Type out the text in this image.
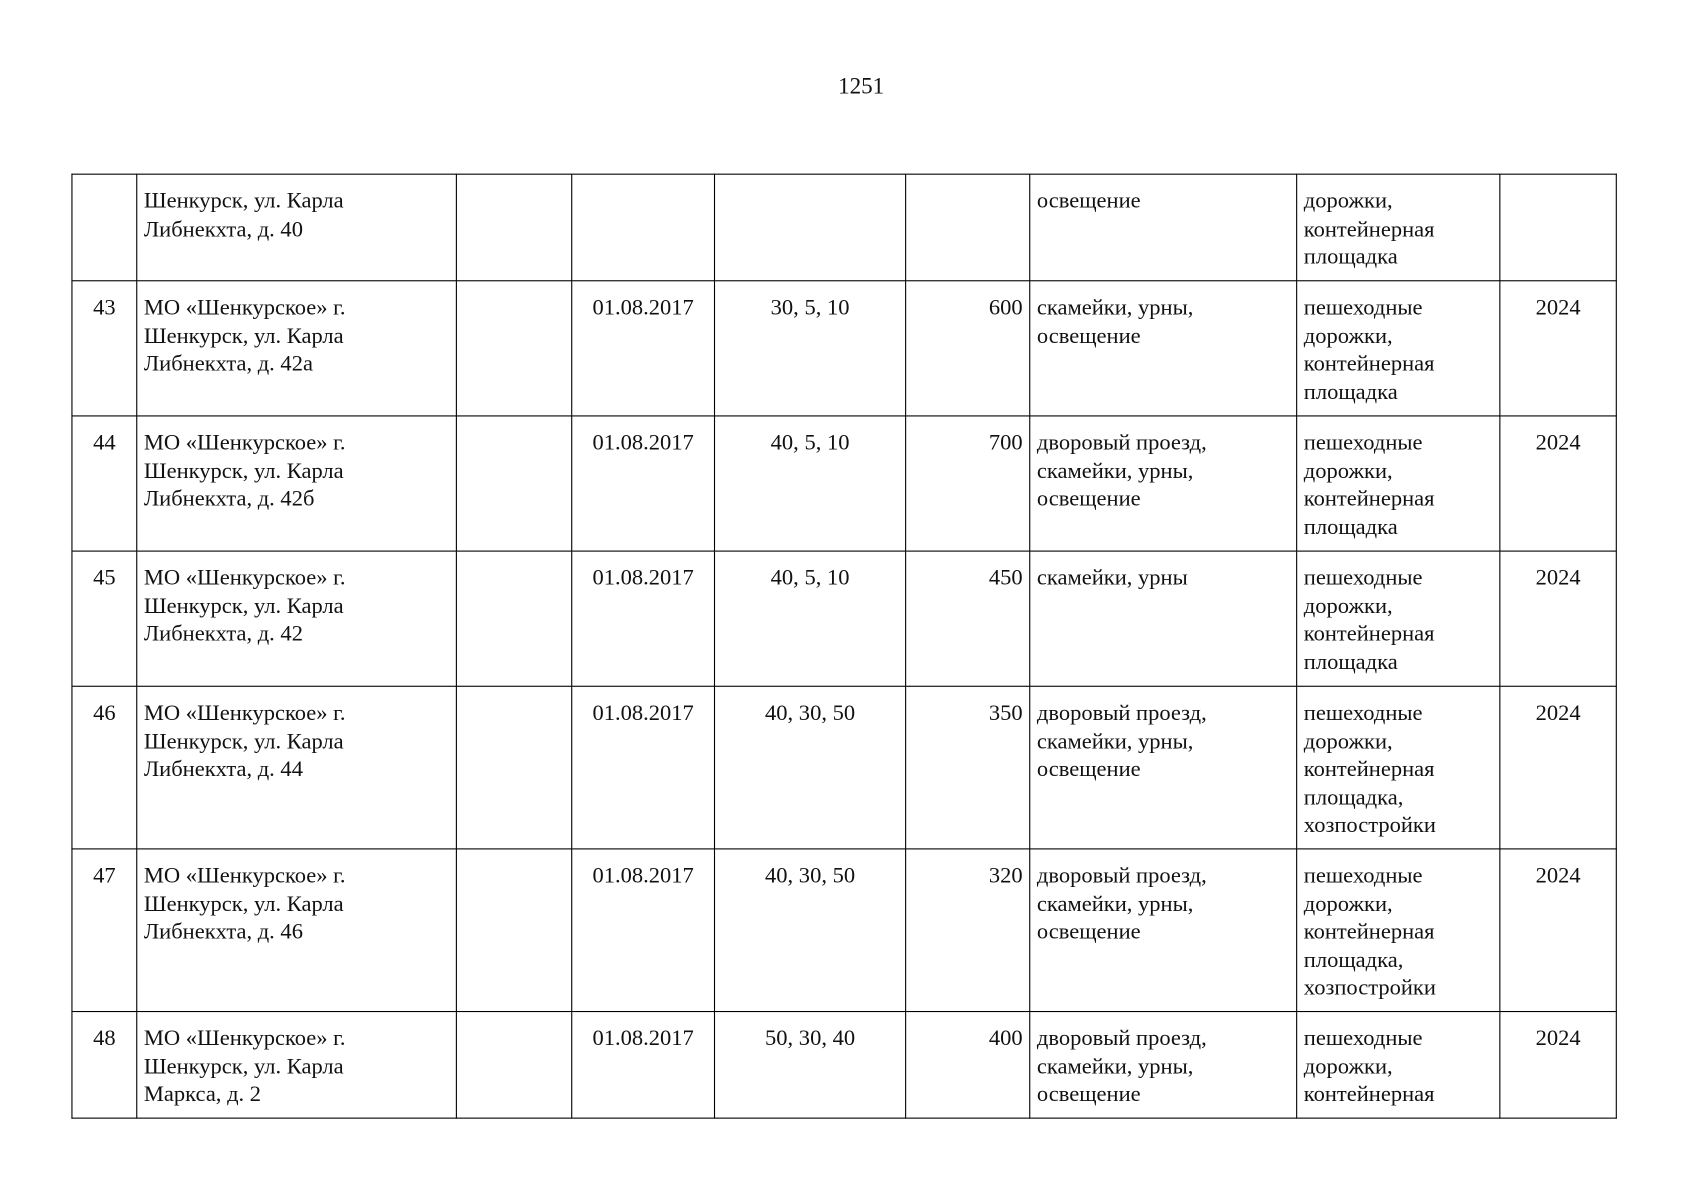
1251
	Шенкурск, ул. Карла
Либнекхта, д. 40					освещение	дорожки,
контейнерная
площадка	
43	МО «Шенкурское» г.
Шенкурск, ул. Карла
Либнекхта, д. 42а		01.08.2017	30, 5, 10	600	скамейки, урны,
освещение	пешеходные
дорожки,
контейнерная
площадка	2024
44	МО «Шенкурское» г.
Шенкурск, ул. Карла
Либнекхта, д. 42б		01.08.2017	40, 5, 10	700	дворовый проезд,
скамейки, урны,
освещение	пешеходные
дорожки,
контейнерная
площадка	2024
45	МО «Шенкурское» г.
Шенкурск, ул. Карла
Либнекхта, д. 42		01.08.2017	40, 5, 10	450	скамейки, урны	пешеходные
дорожки,
контейнерная
площадка	2024
46	МО «Шенкурское» г.
Шенкурск, ул. Карла
Либнекхта, д. 44		01.08.2017	40, 30, 50	350	дворовый проезд,
скамейки, урны,
освещение	пешеходные
дорожки,
контейнерная
площадка,
хозпостройки	2024
47	МО «Шенкурское» г.
Шенкурск, ул. Карла
Либнекхта, д. 46		01.08.2017	40, 30, 50	320	дворовый проезд,
скамейки, урны,
освещение	пешеходные
дорожки,
контейнерная
площадка,
хозпостройки	2024
48	МО «Шенкурское» г.
Шенкурск, ул. Карла
Маркса, д. 2		01.08.2017	50, 30, 40	400	дворовый проезд,
скамейки, урны,
освещение	пешеходные
дорожки,
контейнерная	2024
